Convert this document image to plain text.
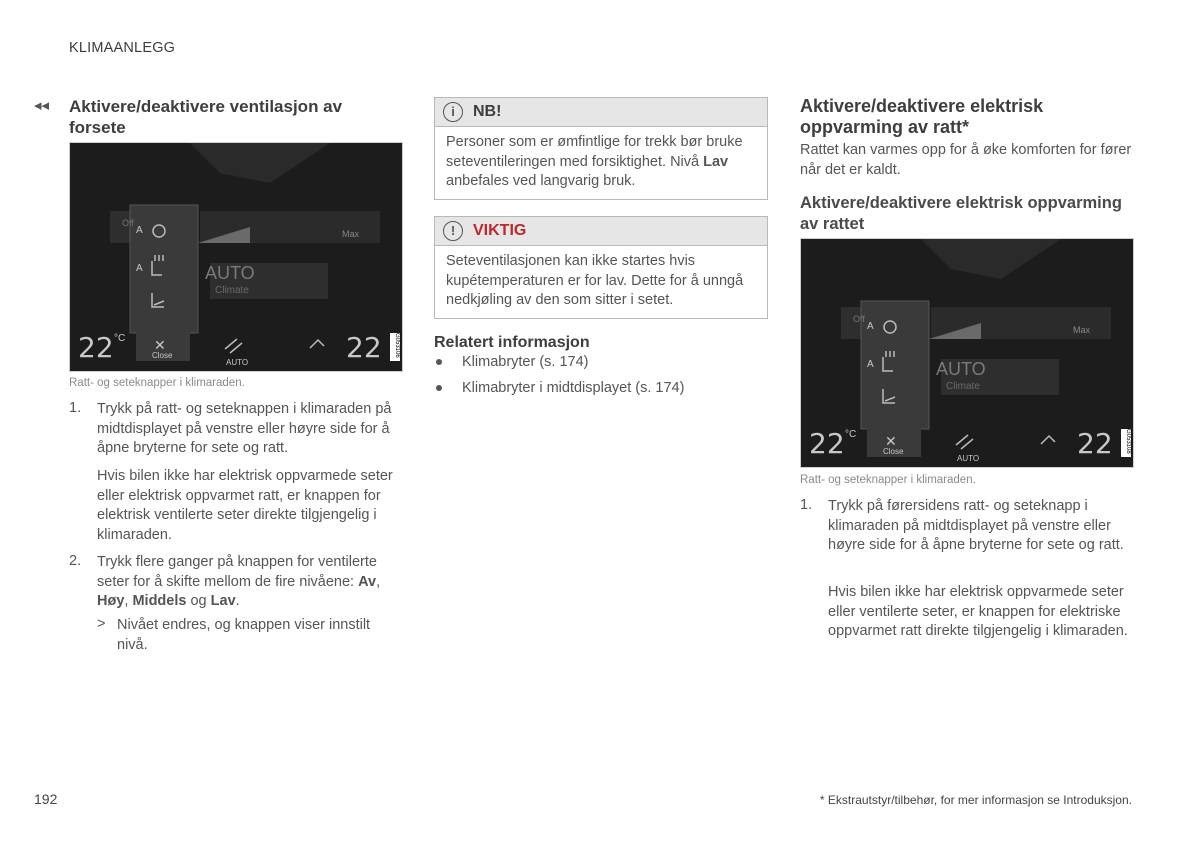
KLIMAANLEGG
◂◂ Aktivere/deaktivere ventilasjon av forsete
AUTO
Climate
Off
Max
A
A
22 °C ✕
Close
AUTO	22	G053106
Ratt- og seteknapper i klimaraden.
1. Trykk på ratt- og seteknappen i klimaraden på midtdisplayet på venstre eller høyre side for å åpne bryterne for sete og ratt.
Hvis bilen ikke har elektrisk oppvarmede seter eller elektrisk oppvarmet ratt, er knappen for elektrisk ventilerte seter direkte tilgjengelig i klimaraden.
2. Trykk flere ganger på knappen for ventilerte seter for å skifte mellom de fire nivåene: Av, Høy, Middels og Lav.
> Nivået endres, og knappen viser innstilt nivå.
i	NB!
Personer som er ømfintlige for trekk bør bruke seteventileringen med forsiktighet. Nivå Lav anbefales ved langvarig bruk.
!	VIKTIG
Seteventilasjonen kan ikke startes hvis kupétemperaturen er for lav. Dette for å unngå nedkjøling av den som sitter i setet.
Relatert informasjon
Klimabryter (s. 174)
Klimabryter i midtdisplayet (s. 174)
Aktivere/deaktivere elektrisk oppvarming av ratt*
Rattet kan varmes opp for å øke komforten for fører når det er kaldt.
Aktivere/deaktivere elektrisk oppvarming av rattet
AUTO
Climate
Off
Max
A
A
22 °C ✕
Close
AUTO	22	G053108
Ratt- og seteknapper i klimaraden.
1. Trykk på førersidens ratt- og seteknapp i klimaraden på midtdisplayet på venstre eller høyre side for å åpne bryterne for sete og ratt.
Hvis bilen ikke har elektrisk oppvarmede seter eller ventilerte seter, er knappen for elektriske oppvarmet ratt direkte tilgjengelig i klimaraden.
192	* Ekstrautstyr/tilbehør, for mer informasjon se Introduksjon.
